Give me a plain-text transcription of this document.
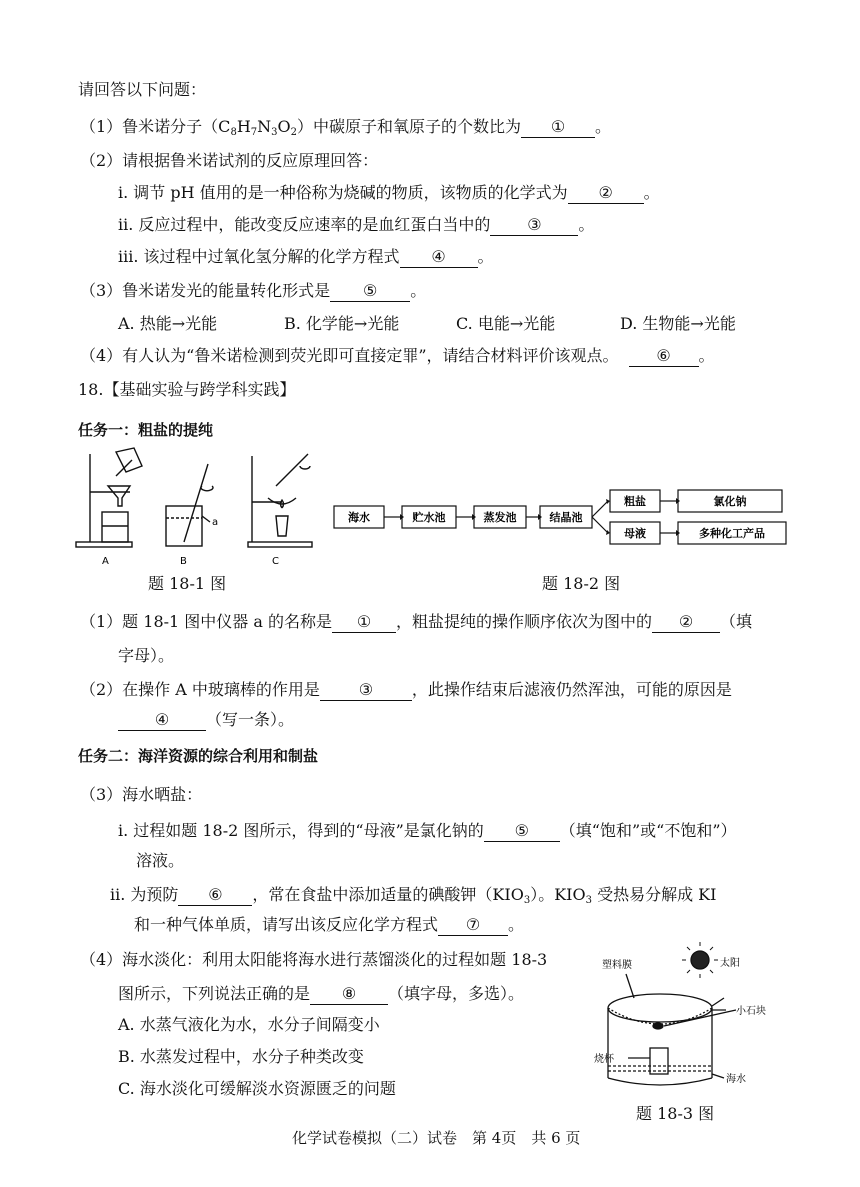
请回答以下问题：
（1）鲁米诺分子$(C_8H_7N_3O_2)$中碳原子和氧原子的个数比为 ① 。
（2）请根据鲁米诺试剂的反应原理回答：
i. 调节 pH 值用的是一种俗称为烧碱的物质，该物质的化学式为 ② 。
ii. 反应过程中，能改变反应速率的是血红蛋白当中的 ③ 。
iii. 该过程中过氧化氢分解的化学方程式 ④ 。
（3）鲁米诺发光的能量转化形式是 ⑤ 。
A. 热能→光能	B. 化学能→光能	C. 电能→光能	D. 生物能→光能
（4）有人认为“鲁米诺检测到荧光即可直接定罪”，请结合材料评价该观点。 ⑥ 。
18.【基础实验与跨学科实践】
任务一：粗盐的提纯
A	B	C
a
题 18-1 图
海水	贮水池	蒸发池	结晶池
粗盐	氯化钠
母液	多种化工产品
题 18-2 图
（1）题 18-1 图中仪器 a 的名称是 ① ，粗盐提纯的操作顺序依次为图中的 ② （填
字母）。
（2）在操作 A 中玻璃棒的作用是 ③ ，此操作结束后滤液仍然浑浊，可能的原因是
④ （写一条）。
任务二：海洋资源的综合利用和制盐
（3）海水晒盐：
i. 过程如题 18-2 图所示，得到的“母液”是氯化钠的 ⑤ （填“饱和”或“不饱和”）
溶液。
ii. 为预防 ⑥ ，常在食盐中添加适量的碘酸钾$(KIO_3)$。$KIO_3$ 受热易分解成 KI
和一种气体单质，请写出该反应化学方程式 ⑦ 。
（4）海水淡化：利用太阳能将海水进行蒸馏淡化的过程如题 18-3
图所示，下列说法正确的是 ⑧ （填字母，多选）。
A. 水蒸气液化为水，水分子间隔变小
B. 水蒸发过程中，水分子种类改变
C. 海水淡化可缓解淡水资源匮乏的问题
太阳
塑料膜
小石块
烧杯
海水
题 18-3 图
化学试卷模拟（二）试卷　第 4页　共 6 页
